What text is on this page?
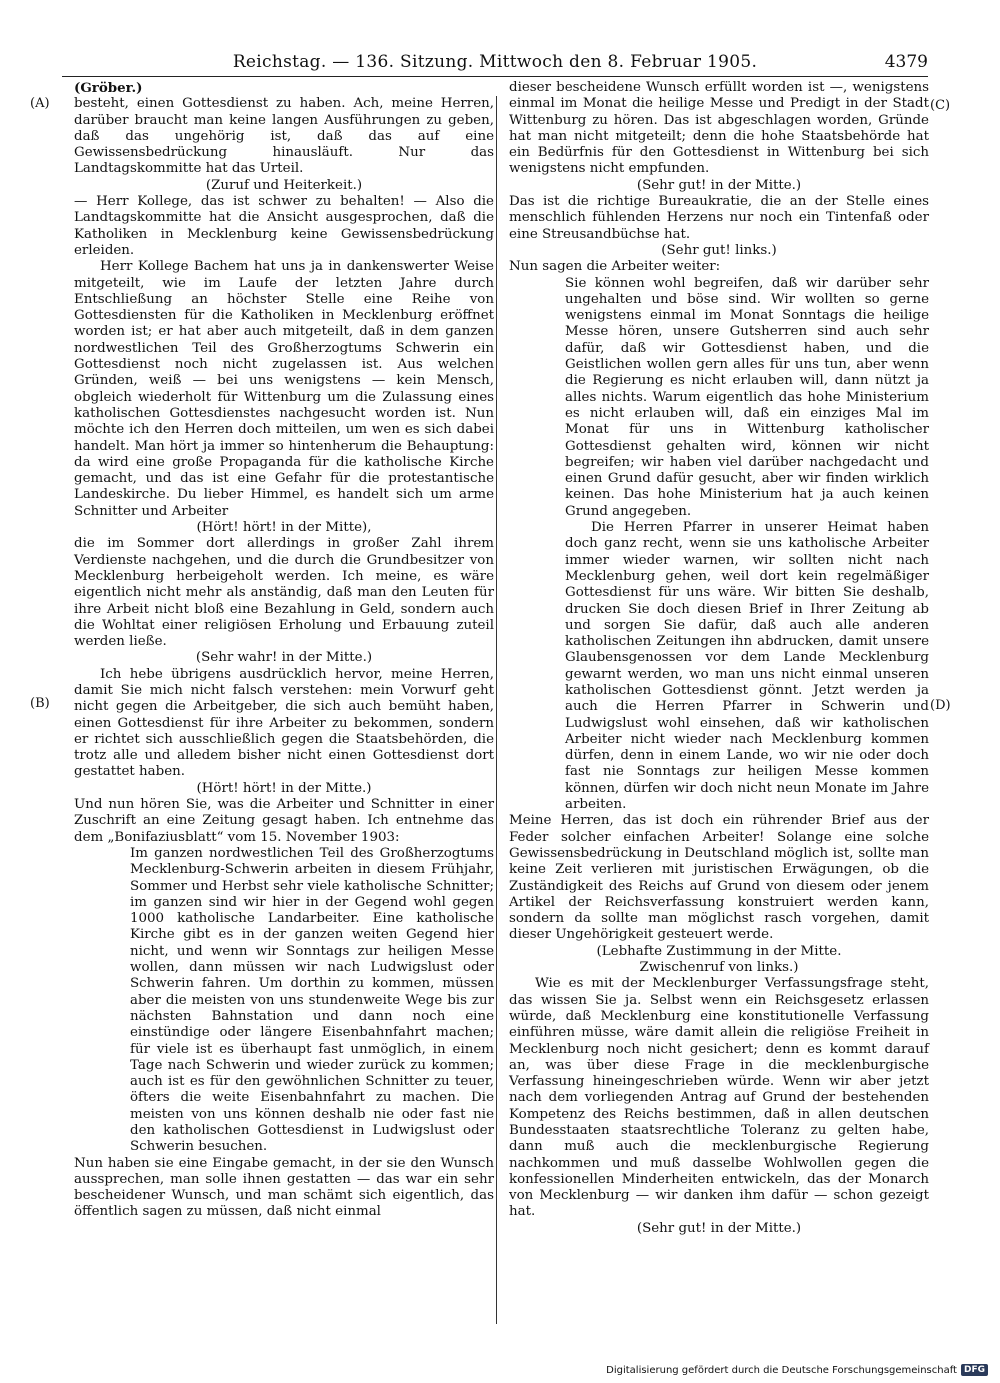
Reichstag. — 136. Sitzung. Mittwoch den 8. Februar 1905.	4379
(A)
(B)
(C)
(D)

(Gröber.)

besteht, einen Gottesdienst zu haben. Ach, meine Herren, darüber braucht man keine langen Ausführungen zu geben, daß das ungehörig ist, daß das auf eine Gewissensbedrückung hinausläuft. Nur das Landtagskommitte hat das Urteil.

(Zuruf und Heiterkeit.)

— Herr Kollege, das ist schwer zu behalten! — Also die Landtagskommitte hat die Ansicht ausgesprochen, daß die Katholiken in Mecklenburg keine Gewissensbedrückung erleiden.

Herr Kollege Bachem hat uns ja in dankenswerter Weise mitgeteilt, wie im Laufe der letzten Jahre durch Entschließung an höchster Stelle eine Reihe von Gottesdiensten für die Katholiken in Mecklenburg eröffnet worden ist; er hat aber auch mitgeteilt, daß in dem ganzen nordwestlichen Teil des Großherzogtums Schwerin ein Gottesdienst noch nicht zugelassen ist. Aus welchen Gründen, weiß — bei uns wenigstens — kein Mensch, obgleich wiederholt für Wittenburg um die Zulassung eines katholischen Gottesdienstes nachgesucht worden ist. Nun möchte ich den Herren doch mitteilen, um wen es sich dabei handelt. Man hört ja immer so hintenherum die Behauptung: da wird eine große Propaganda für die katholische Kirche gemacht, und das ist eine Gefahr für die protestantische Landeskirche. Du lieber Himmel, es handelt sich um arme Schnitter und Arbeiter

(Hört! hört! in der Mitte),

die im Sommer dort allerdings in großer Zahl ihrem Verdienste nachgehen, und die durch die Grundbesitzer von Mecklenburg herbeigeholt werden. Ich meine, es wäre eigentlich nicht mehr als anständig, daß man den Leuten für ihre Arbeit nicht bloß eine Bezahlung in Geld, sondern auch die Wohltat einer religiösen Erholung und Erbauung zuteil werden ließe.

(Sehr wahr! in der Mitte.)

Ich hebe übrigens ausdrücklich hervor, meine Herren, damit Sie mich nicht falsch verstehen: mein Vorwurf geht nicht gegen die Arbeitgeber, die sich auch bemüht haben, einen Gottesdienst für ihre Arbeiter zu bekommen, sondern er richtet sich ausschließlich gegen die Staatsbehörden, die trotz alle und alledem bisher nicht einen Gottesdienst dort gestattet haben.

(Hört! hört! in der Mitte.)

Und nun hören Sie, was die Arbeiter und Schnitter in einer Zuschrift an eine Zeitung gesagt haben. Ich entnehme das dem „Bonifaziusblatt“ vom 15. November 1903:

Im ganzen nordwestlichen Teil des Großherzogtums Mecklenburg-Schwerin arbeiten in diesem Frühjahr, Sommer und Herbst sehr viele katholische Schnitter; im ganzen sind wir hier in der Gegend wohl gegen 1000 katholische Landarbeiter. Eine katholische Kirche gibt es in der ganzen weiten Gegend hier nicht, und wenn wir Sonntags zur heiligen Messe wollen, dann müssen wir nach Ludwigslust oder Schwerin fahren. Um dorthin zu kommen, müssen aber die meisten von uns stundenweite Wege bis zur nächsten Bahnstation und dann noch eine einstündige oder längere Eisenbahnfahrt machen; für viele ist es überhaupt fast unmöglich, in einem Tage nach Schwerin und wieder zurück zu kommen; auch ist es für den gewöhnlichen Schnitter zu teuer, öfters die weite Eisenbahnfahrt zu machen. Die meisten von uns können deshalb nie oder fast nie den katholischen Gottesdienst in Ludwigslust oder Schwerin besuchen.

Nun haben sie eine Eingabe gemacht, in der sie den Wunsch aussprechen, man solle ihnen gestatten — das war ein sehr bescheidener Wunsch, und man schämt sich eigentlich, das öffentlich sagen zu müssen, daß nicht einmal

dieser bescheidene Wunsch erfüllt worden ist —, wenigstens einmal im Monat die heilige Messe und Predigt in der Stadt Wittenburg zu hören. Das ist abgeschlagen worden, Gründe hat man nicht mitgeteilt; denn die hohe Staatsbehörde hat ein Bedürfnis für den Gottesdienst in Wittenburg bei sich wenigstens nicht empfunden.

(Sehr gut! in der Mitte.)

Das ist die richtige Bureaukratie, die an der Stelle eines menschlich fühlenden Herzens nur noch ein Tintenfaß oder eine Streusandbüchse hat.

(Sehr gut! links.)

Nun sagen die Arbeiter weiter:

Sie können wohl begreifen, daß wir darüber sehr ungehalten und böse sind. Wir wollten so gerne wenigstens einmal im Monat Sonntags die heilige Messe hören, unsere Gutsherren sind auch sehr dafür, daß wir Gottesdienst haben, und die Geistlichen wollen gern alles für uns tun, aber wenn die Regierung es nicht erlauben will, dann nützt ja alles nichts. Warum eigentlich das hohe Ministerium es nicht erlauben will, daß ein einziges Mal im Monat für uns in Wittenburg katholischer Gottesdienst gehalten wird, können wir nicht begreifen; wir haben viel darüber nachgedacht und einen Grund dafür gesucht, aber wir finden wirklich keinen. Das hohe Ministerium hat ja auch keinen Grund angegeben.

Die Herren Pfarrer in unserer Heimat haben doch ganz recht, wenn sie uns katholische Arbeiter immer wieder warnen, wir sollten nicht nach Mecklenburg gehen, weil dort kein regelmäßiger Gottesdienst für uns wäre. Wir bitten Sie deshalb, drucken Sie doch diesen Brief in Ihrer Zeitung ab und sorgen Sie dafür, daß auch alle anderen katholischen Zeitungen ihn abdrucken, damit unsere Glaubensgenossen vor dem Lande Mecklenburg gewarnt werden, wo man uns nicht einmal unseren katholischen Gottesdienst gönnt. Jetzt werden ja auch die Herren Pfarrer in Schwerin und Ludwigslust wohl einsehen, daß wir katholischen Arbeiter nicht wieder nach Mecklenburg kommen dürfen, denn in einem Lande, wo wir nie oder doch fast nie Sonntags zur heiligen Messe kommen können, dürfen wir doch nicht neun Monate im Jahre arbeiten.

Meine Herren, das ist doch ein rührender Brief aus der Feder solcher einfachen Arbeiter! Solange eine solche Gewissensbedrückung in Deutschland möglich ist, sollte man keine Zeit verlieren mit juristischen Erwägungen, ob die Zuständigkeit des Reichs auf Grund von diesem oder jenem Artikel der Reichsverfassung konstruiert werden kann, sondern da sollte man möglichst rasch vorgehen, damit dieser Ungehörigkeit gesteuert werde.

(Lebhafte Zustimmung in der Mitte.

Zwischenruf von links.)

Wie es mit der Mecklenburger Verfassungsfrage steht, das wissen Sie ja. Selbst wenn ein Reichsgesetz erlassen würde, daß Mecklenburg eine konstitutionelle Verfassung einführen müsse, wäre damit allein die religiöse Freiheit in Mecklenburg noch nicht gesichert; denn es kommt darauf an, was über diese Frage in die mecklenburgische Verfassung hineingeschrieben würde. Wenn wir aber jetzt nach dem vorliegenden Antrag auf Grund der bestehenden Kompetenz des Reichs bestimmen, daß in allen deutschen Bundesstaaten staatsrechtliche Toleranz zu gelten habe, dann muß auch die mecklenburgische Regierung nachkommen und muß dasselbe Wohlwollen gegen die konfessionellen Minderheiten entwickeln, das der Monarch von Mecklenburg — wir danken ihm dafür — schon gezeigt hat.

(Sehr gut! in der Mitte.)

Digitalisierung gefördert durch die Deutsche Forschungsgemeinschaft DFG
